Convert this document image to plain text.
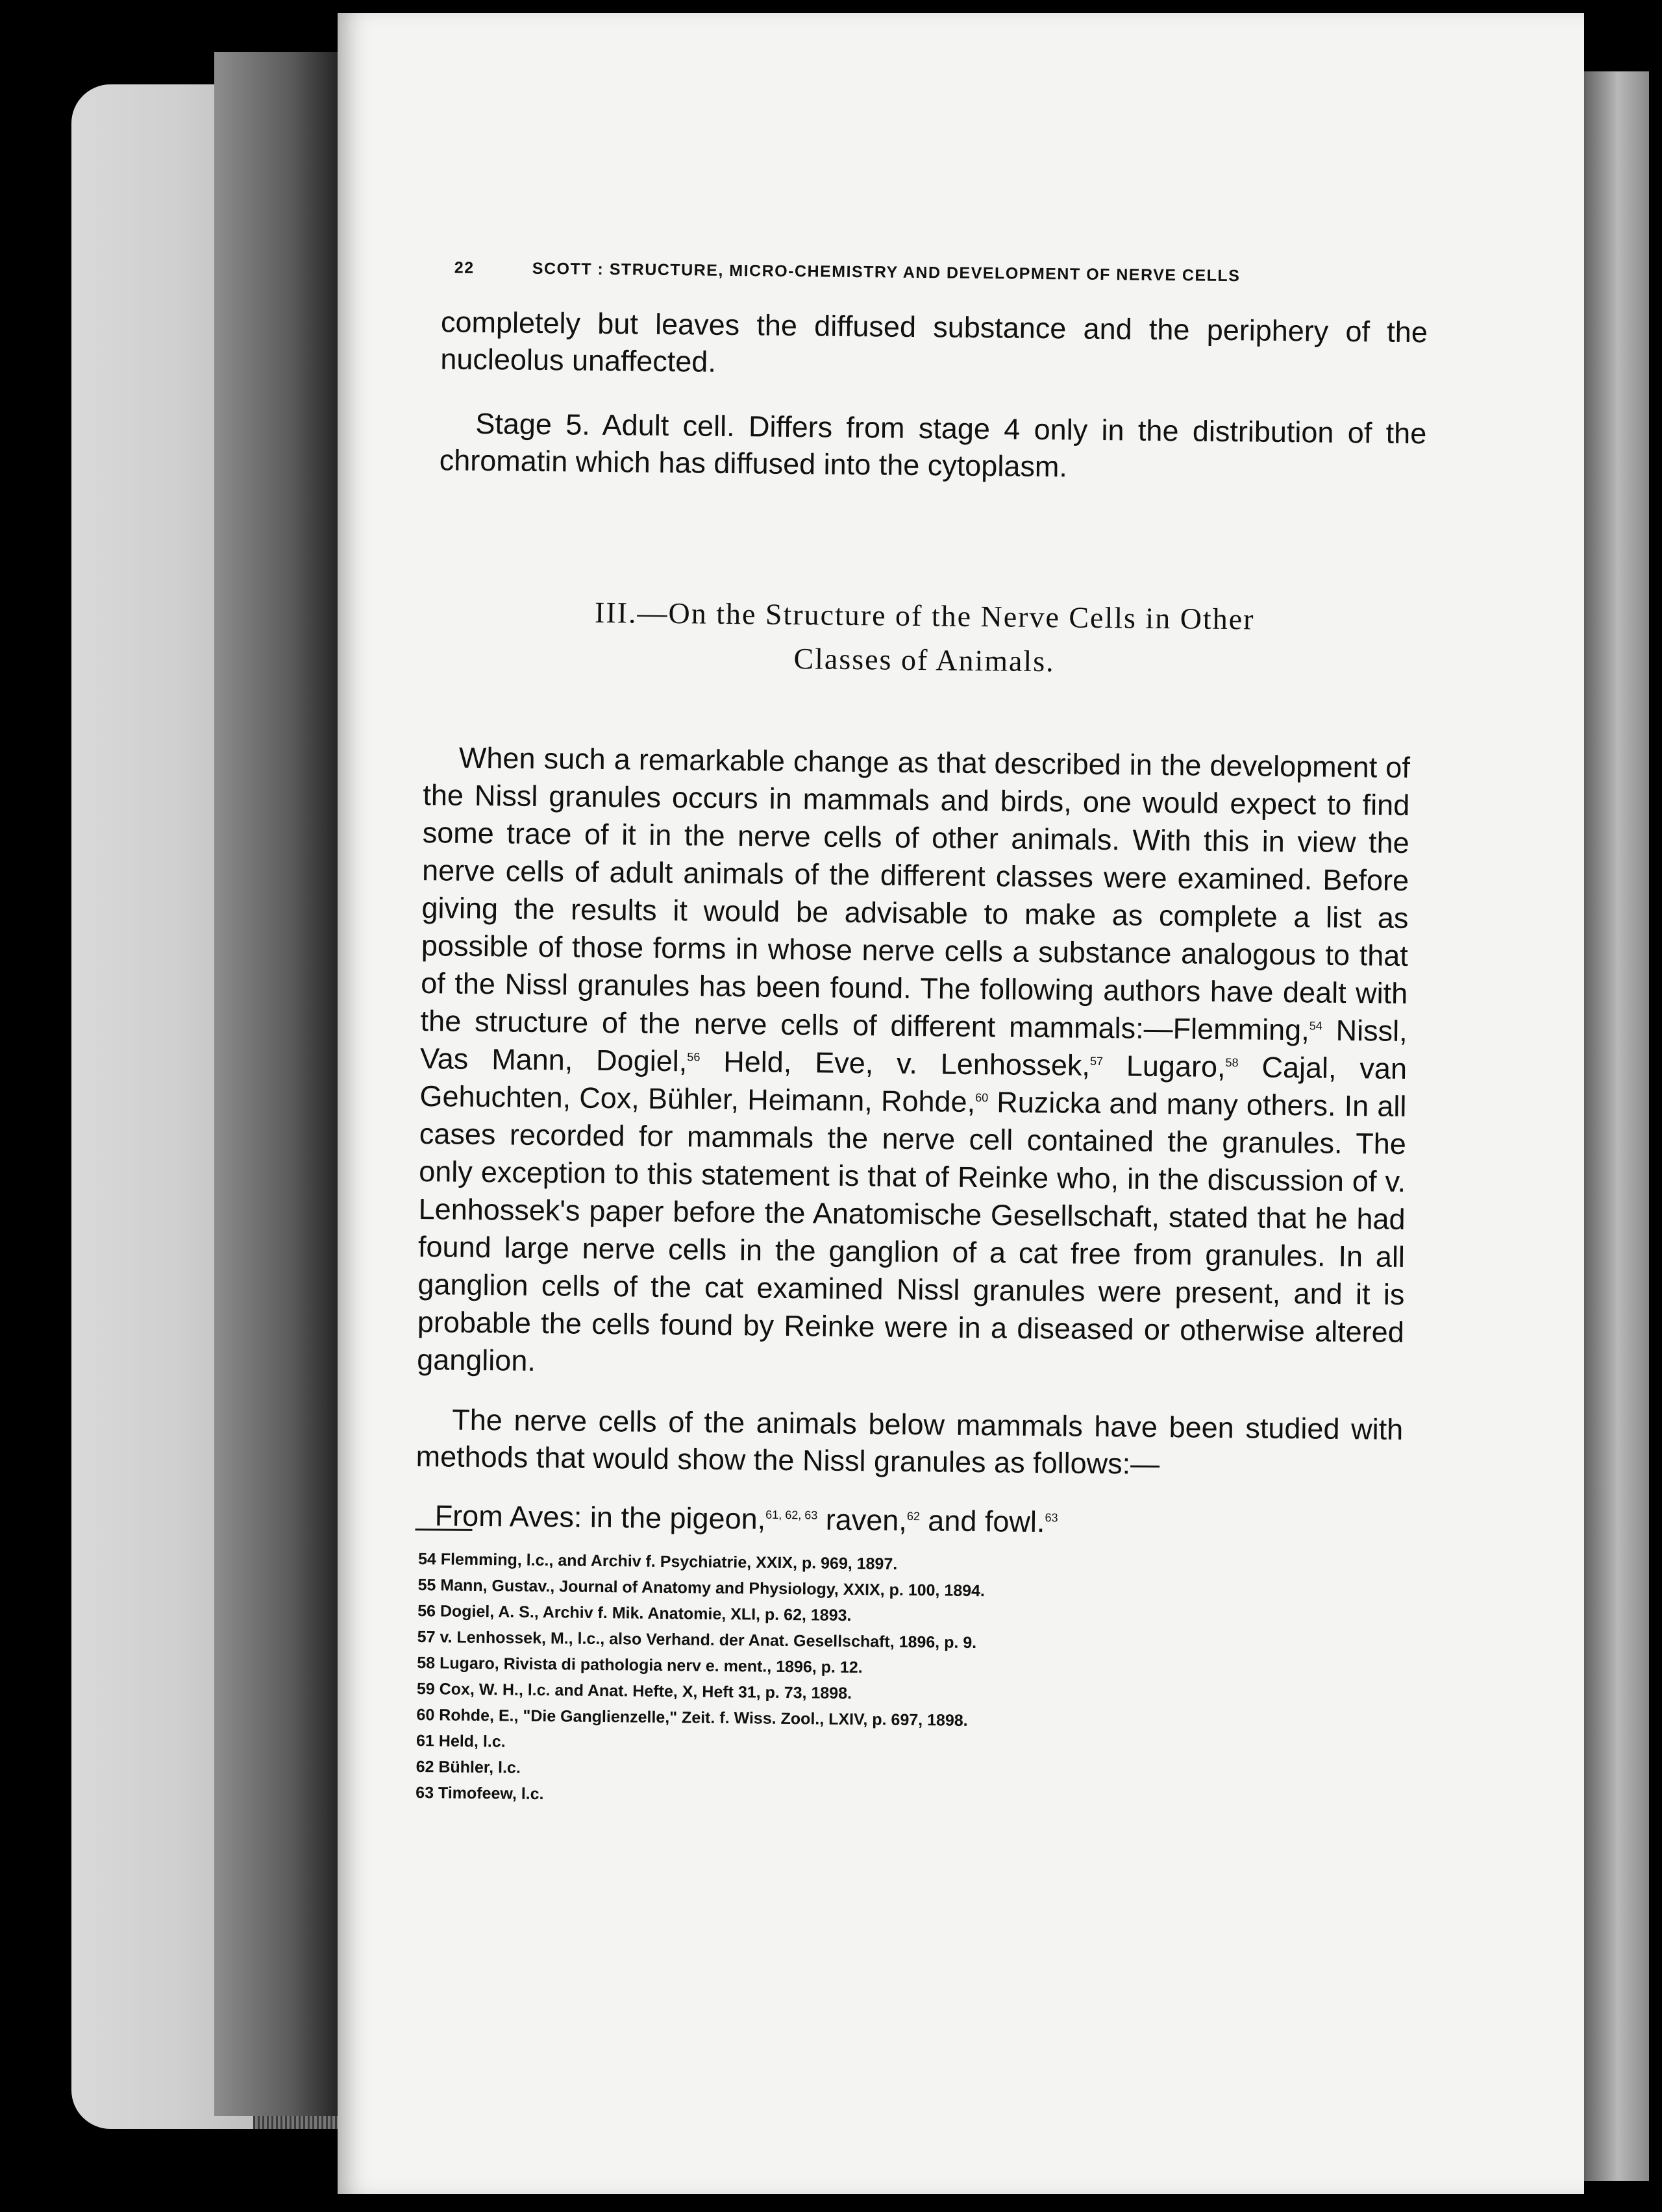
22	SCOTT : STRUCTURE, MICRO-CHEMISTRY AND DEVELOPMENT OF NERVE CELLS

completely but leaves the diffused substance and the periphery of the nucleolus unaffected.

Stage 5. Adult cell. Differs from stage 4 only in the distribution of the chromatin which has diffused into the cytoplasm.

III.—On the Structure of the Nerve Cells in Other
Classes of Animals.

When such a remarkable change as that described in the development of the Nissl granules occurs in mammals and birds, one would expect to find some trace of it in the nerve cells of other animals. With this in view the nerve cells of adult animals of the different classes were examined. Before giving the results it would be advisable to make as complete a list as possible of those forms in whose nerve cells a substance analogous to that of the Nissl granules has been found. The following authors have dealt with the structure of the nerve cells of different mammals:—Flemming,$^{54}$ Nissl, Vas Mann, Dogiel,$^{56}$ Held, Eve, v. Lenhossek,$^{57}$ Lugaro,$^{58}$ Cajal, van Gehuchten, Cox, Bühler, Heimann, Rohde,$^{60}$ Ruzicka and many others. In all cases recorded for mammals the nerve cell contained the granules. The only exception to this statement is that of Reinke who, in the discussion of v. Lenhossek's paper before the Anatomische Gesellschaft, stated that he had found large nerve cells in the ganglion of a cat free from granules. In all ganglion cells of the cat examined Nissl granules were present, and it is probable the cells found by Reinke were in a diseased or otherwise altered ganglion.

The nerve cells of the animals below mammals have been studied with methods that would show the Nissl granules as follows:—

From Aves: in the pigeon,$^{61, 62, 63}$ raven,$^{62}$ and fowl.$^{63}$

54 Flemming, l.c., and Archiv f. Psychiatrie, XXIX, p. 969, 1897.
55 Mann, Gustav., Journal of Anatomy and Physiology, XXIX, p. 100, 1894.
56 Dogiel, A. S., Archiv f. Mik. Anatomie, XLI, p. 62, 1893.
57 v. Lenhossek, M., l.c., also Verhand. der Anat. Gesellschaft, 1896, p. 9.
58 Lugaro, Rivista di pathologia nerv e. ment., 1896, p. 12.
59 Cox, W. H., l.c. and Anat. Hefte, X, Heft 31, p. 73, 1898.
60 Rohde, E., "Die Ganglienzelle," Zeit. f. Wiss. Zool., LXIV, p. 697, 1898.
61 Held, l.c.
62 Bühler, l.c.
63 Timofeew, l.c.
